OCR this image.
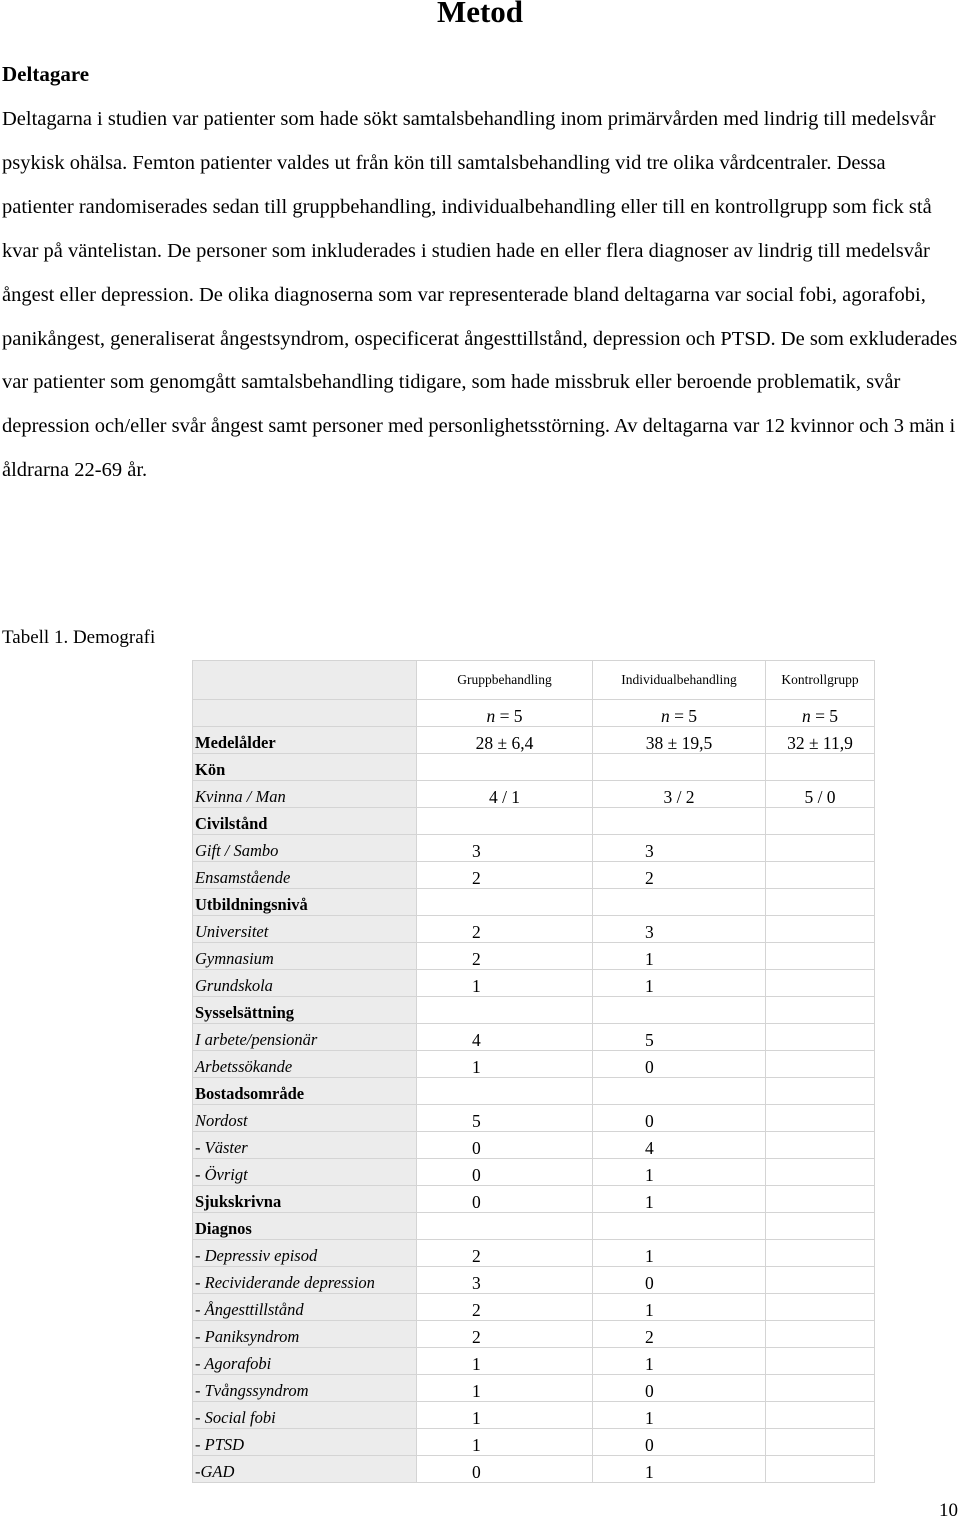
Metod
Deltagare

Deltagarna i studien var patienter som hade sökt samtalsbehandling inom primärvården med lindrig till medelsvår psykisk ohälsa. Femton patienter valdes ut från kön till samtalsbehandling vid tre olika vårdcentraler. Dessa patienter randomiserades sedan till gruppbehandling, individualbehandling eller till en kontrollgrupp som fick stå kvar på väntelistan. De personer som inkluderades i studien hade en eller flera diagnoser av lindrig till medelsvår ångest eller depression. De olika diagnoserna som var representerade bland deltagarna var social fobi, agorafobi, panikångest, generaliserat ångestsyndrom, ospecificerat ångesttillstånd, depression och PTSD. De som exkluderades var patienter som genomgått samtalsbehandling tidigare, som hade missbruk eller beroende problematik, svår depression och/eller svår ångest samt personer med personlighetsstörning. Av deltagarna var 12 kvinnor och 3 män i åldrarna 22-69 år.

Tabell 1. Demografi

	Gruppbehandling	Individualbehandling	Kontrollgrupp
	n = 5	n = 5	n = 5
Medelålder	28 ± 6,4	38 ± 19,5	32 ± 11,9
Kön			
Kvinna / Man	4 / 1	3 / 2	5 / 0
Civilstånd			
Gift / Sambo	3	3	
Ensamstående	2	2	
Utbildningsnivå			
Universitet	2	3	
Gymnasium	2	1	
Grundskola	1	1	
Sysselsättning			
I arbete/pensionär	4	5	
Arbetssökande	1	0	
Bostadsområde			
Nordost	5	0	
- Väster	0	4	
- Övrigt	0	1	
Sjukskrivna	0	1	
Diagnos			
- Depressiv episod	2	1	
- Recividerande depression	3	0	
- Ångesttillstånd	2	1	
- Paniksyndrom	2	2	
- Agorafobi	1	1	
- Tvångssyndrom	1	0	
- Social fobi	1	1	
- PTSD	1	0	
-GAD	0	1	
10
